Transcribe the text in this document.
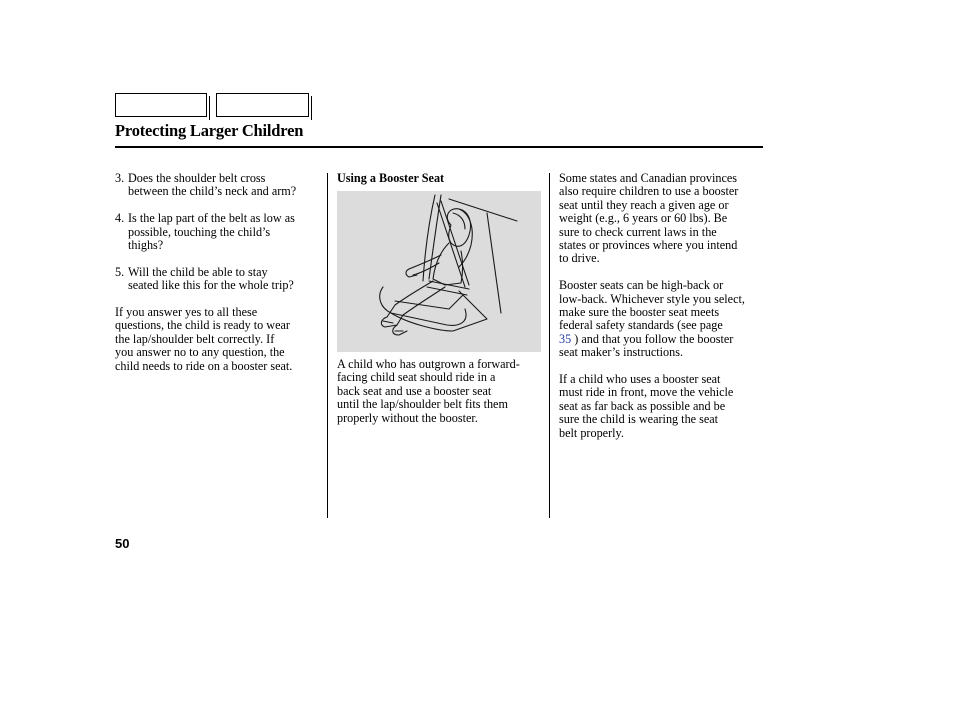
Protecting Larger Children
3. Does the shoulder belt cross
between the child’s neck and arm?
4. Is the lap part of the belt as low as
possible, touching the child’s
thighs?
5. Will the child be able to stay
seated like this for the whole trip?

If you answer yes to all these
questions, the child is ready to wear
the lap/shoulder belt correctly. If
you answer no to any question, the
child needs to ride on a booster seat.

Using a Booster Seat

A child who has outgrown a forward-
facing child seat should ride in a
back seat and use a booster seat
until the lap/shoulder belt fits them
properly without the booster.

Some states and Canadian provinces
also require children to use a booster
seat until they reach a given age or
weight (e.g., 6 years or 60 lbs). Be
sure to check current laws in the
states or provinces where you intend
to drive.

Booster seats can be high-back or
low-back. Whichever style you select,
make sure the booster seat meets
federal safety standards (see page
35 ) and that you follow the booster
seat maker’s instructions.

If a child who uses a booster seat
must ride in front, move the vehicle
seat as far back as possible and be
sure the child is wearing the seat
belt properly.

50
